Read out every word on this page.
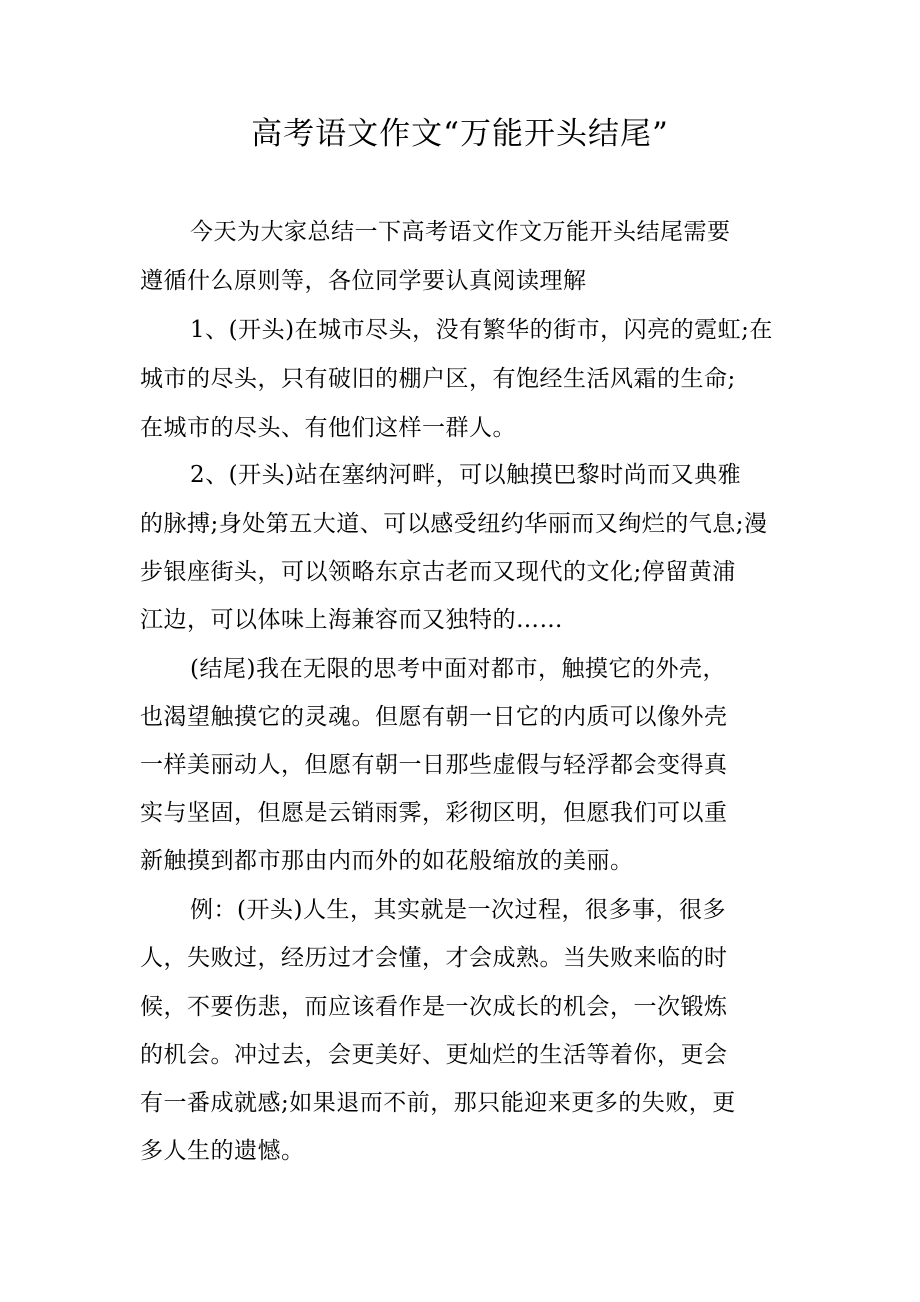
高考语文作文“万能开头结尾”
今天为大家总结一下高考语文作文万能开头结尾需要
遵循什么原则等，各位同学要认真阅读理解
1、(开头)在城市尽头，没有繁华的街市，闪亮的霓虹;在
城市的尽头，只有破旧的棚户区，有饱经生活风霜的生命;
在城市的尽头、有他们这样一群人。
2、(开头)站在塞纳河畔，可以触摸巴黎时尚而又典雅
的脉搏;身处第五大道、可以感受纽约华丽而又绚烂的气息;漫
步银座街头，可以领略东京古老而又现代的文化;停留黄浦
江边，可以体味上海兼容而又独特的……
(结尾)我在无限的思考中面对都市，触摸它的外壳，
也渴望触摸它的灵魂。但愿有朝一日它的内质可以像外壳
一样美丽动人，但愿有朝一日那些虚假与轻浮都会变得真
实与坚固，但愿是云销雨霁，彩彻区明，但愿我们可以重
新触摸到都市那由内而外的如花般缩放的美丽。
例：(开头)人生，其实就是一次过程，很多事，很多
人，失败过，经历过才会懂，才会成熟。当失败来临的时
候，不要伤悲，而应该看作是一次成长的机会，一次锻炼
的机会。冲过去，会更美好、更灿烂的生活等着你，更会
有一番成就感;如果退而不前，那只能迎来更多的失败，更
多人生的遗憾。
